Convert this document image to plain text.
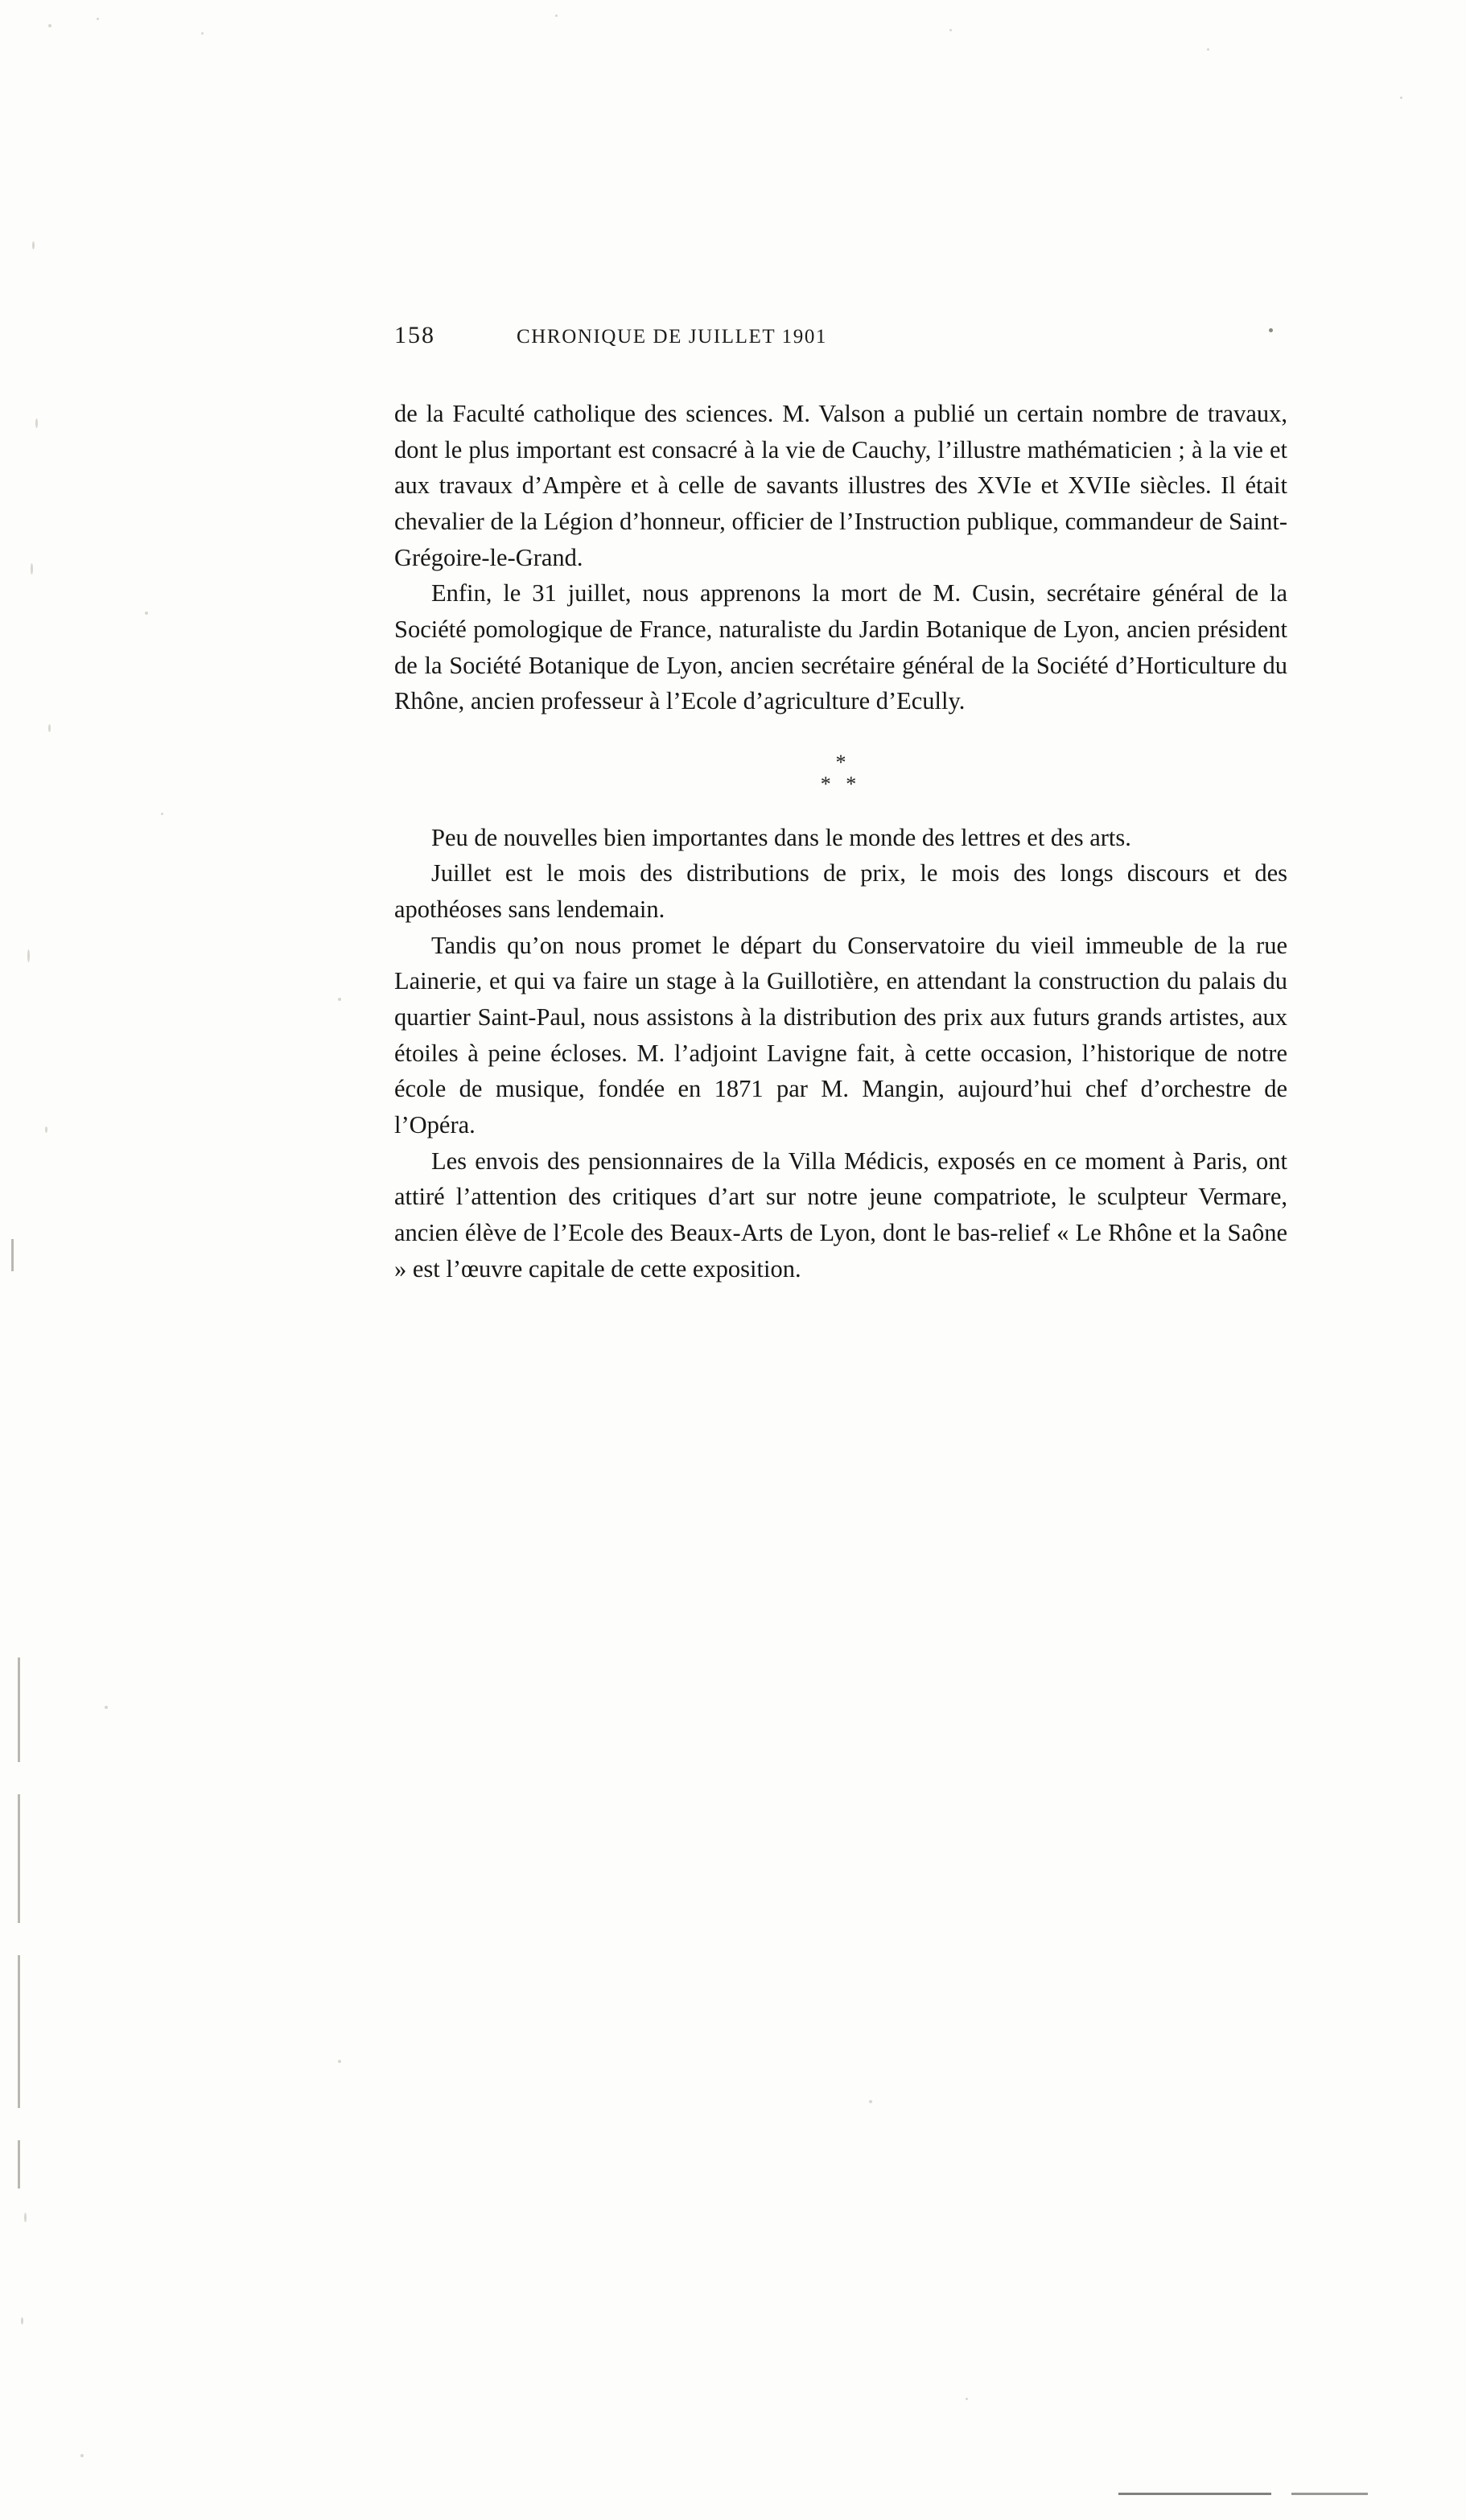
158	CHRONIQUE DE JUILLET 1901

de la Faculté catholique des sciences. M. Valson a publié un certain nombre de travaux, dont le plus important est consacré à la vie de Cauchy, l’illustre mathématicien ; à la vie et aux travaux d’Ampère et à celle de savants illustres des XVIe et XVIIe siècles. Il était chevalier de la Légion d’honneur, officier de l’Instruction publique, commandeur de Saint-Grégoire-le-Grand.

Enfin, le 31 juillet, nous apprenons la mort de M. Cusin, secrétaire général de la Société pomologique de France, naturaliste du Jardin Botanique de Lyon, ancien président de la Société Botanique de Lyon, ancien secrétaire général de la Société d’Horticulture du Rhône, ancien professeur à l’Ecole d’agriculture d’Ecully.

*
* *

Peu de nouvelles bien importantes dans le monde des lettres et des arts.

Juillet est le mois des distributions de prix, le mois des longs discours et des apothéoses sans lendemain.

Tandis qu’on nous promet le départ du Conservatoire du vieil immeuble de la rue Lainerie, et qui va faire un stage à la Guillotière, en attendant la construction du palais du quartier Saint-Paul, nous assistons à la distribution des prix aux futurs grands artistes, aux étoiles à peine écloses. M. l’adjoint Lavigne fait, à cette occasion, l’historique de notre école de musique, fondée en 1871 par M. Mangin, aujourd’hui chef d’orchestre de l’Opéra.

Les envois des pensionnaires de la Villa Médicis, exposés en ce moment à Paris, ont attiré l’attention des critiques d’art sur notre jeune compatriote, le sculpteur Vermare, ancien élève de l’Ecole des Beaux-Arts de Lyon, dont le bas-relief « Le Rhône et la Saône » est l’œuvre capitale de cette exposition.
